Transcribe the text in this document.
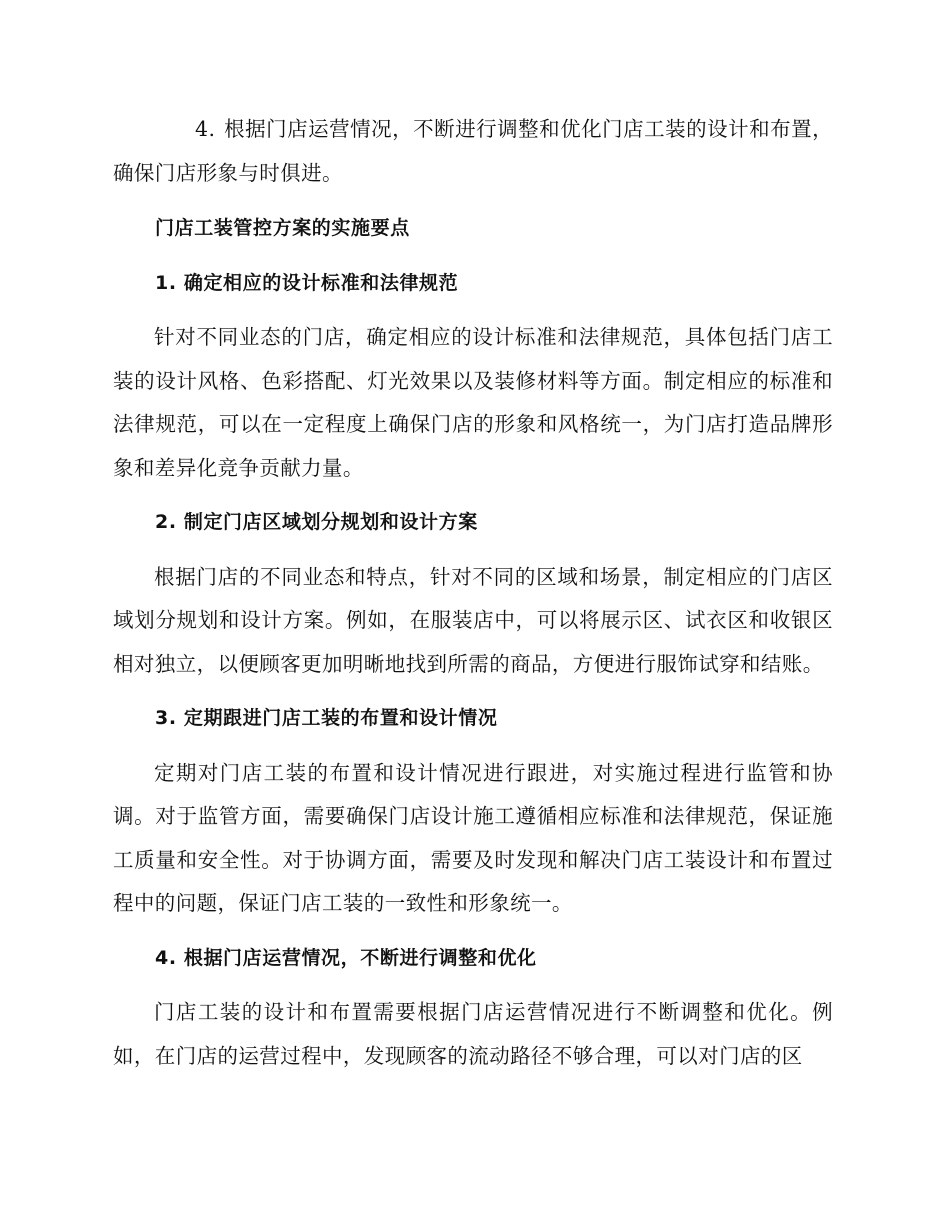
4. 根据门店运营情况，不断进行调整和优化门店工装的设计和布置，确保门店形象与时俱进。

门店工装管控方案的实施要点

1. 确定相应的设计标准和法律规范

针对不同业态的门店，确定相应的设计标准和法律规范，具体包括门店工装的设计风格、色彩搭配、灯光效果以及装修材料等方面。制定相应的标准和法律规范，可以在一定程度上确保门店的形象和风格统一，为门店打造品牌形象和差异化竞争贡献力量。

2. 制定门店区域划分规划和设计方案

根据门店的不同业态和特点，针对不同的区域和场景，制定相应的门店区域划分规划和设计方案。例如，在服装店中，可以将展示区、试衣区和收银区相对独立，以便顾客更加明晰地找到所需的商品，方便进行服饰试穿和结账。

3. 定期跟进门店工装的布置和设计情况

定期对门店工装的布置和设计情况进行跟进，对实施过程进行监管和协调。对于监管方面，需要确保门店设计施工遵循相应标准和法律规范，保证施工质量和安全性。对于协调方面，需要及时发现和解决门店工装设计和布置过程中的问题，保证门店工装的一致性和形象统一。

4. 根据门店运营情况，不断进行调整和优化

门店工装的设计和布置需要根据门店运营情况进行不断调整和优化。例如，在门店的运营过程中，发现顾客的流动路径不够合理，可以对门店的区
